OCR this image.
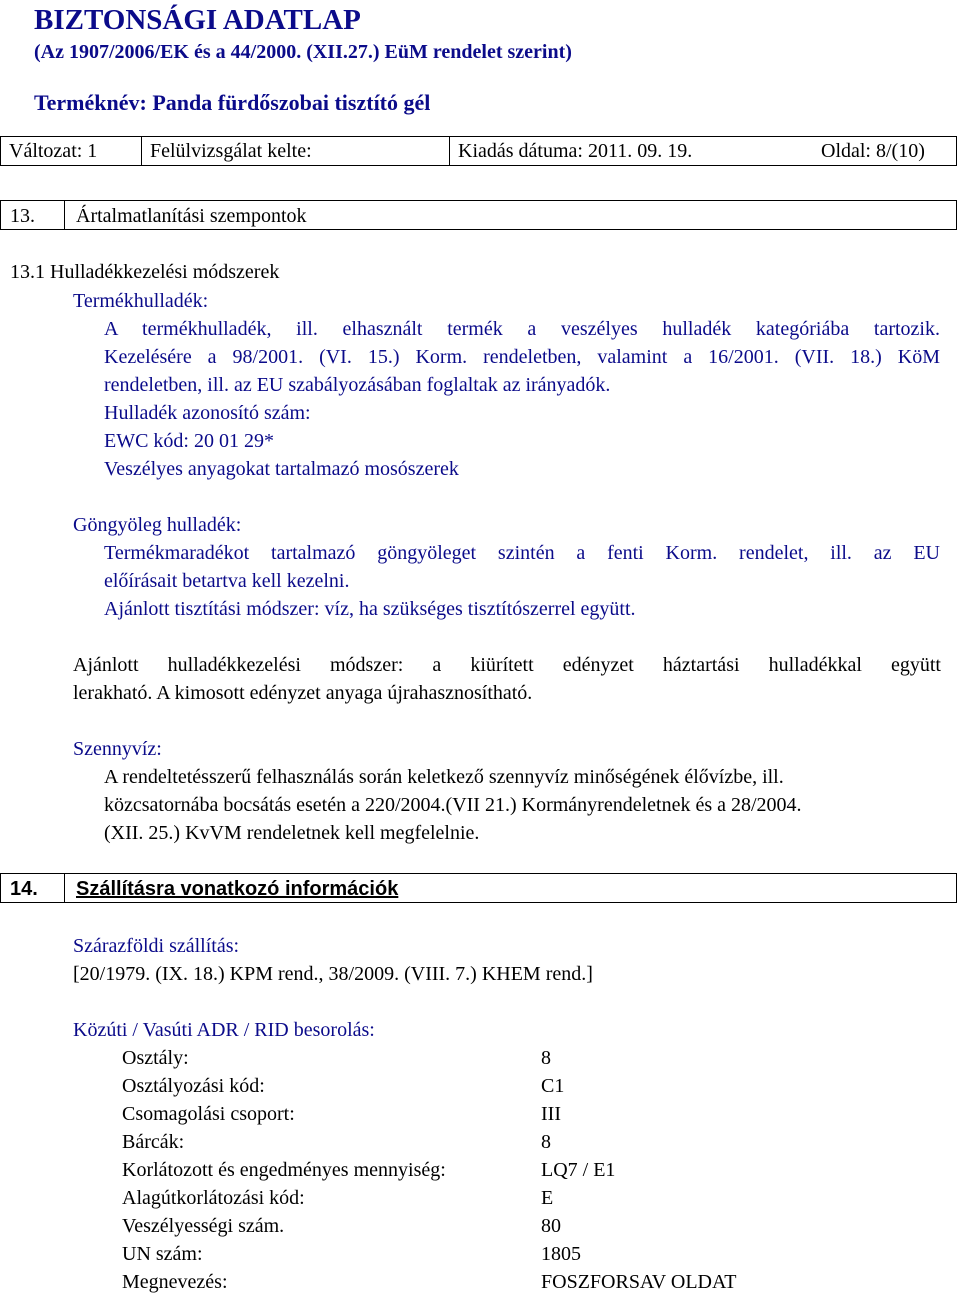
BIZTONSÁGI ADATLAP
(Az 1907/2006/EK és a 44/2000. (XII.27.) EüM rendelet szerint)
Terméknév: Panda fürdőszobai tisztító gél
Változat: 1	Felülvizsgálat kelte:	Kiadás dátuma: 2011. 09. 19.	Oldal: 8/(10)
13. Ártalmatlanítási szempontok
13.1 Hulladékkezelési módszerek
Termékhulladék:
A termékhulladék, ill. elhasznált termék a veszélyes hulladék kategóriába tartozik.
Kezelésére a 98/2001. (VI. 15.) Korm. rendeletben, valamint a 16/2001. (VII. 18.) KöM
rendeletben, ill. az EU szabályozásában foglaltak az irányadók.
Hulladék azonosító szám:
EWC kód: 20 01 29*
Veszélyes anyagokat tartalmazó mosószerek
Göngyöleg hulladék:
Termékmaradékot tartalmazó göngyöleget szintén a fenti Korm. rendelet, ill. az EU
előírásait betartva kell kezelni.
Ajánlott tisztítási módszer: víz, ha szükséges tisztítószerrel együtt.
Ajánlott hulladékkezelési módszer: a kiürített edényzet háztartási hulladékkal együtt
lerakható. A kimosott edényzet anyaga újrahasznosítható.
Szennyvíz:
A rendeltetésszerű felhasználás során keletkező szennyvíz minőségének élővízbe, ill.
közcsatornába bocsátás esetén a 220/2004.(VII 21.) Kormányrendeletnek és a 28/2004.
(XII. 25.) KvVM rendeletnek kell megfelelnie.
14. Szállításra vonatkozó információk
Szárazföldi szállítás:
[20/1979. (IX. 18.) KPM rend., 38/2009. (VIII. 7.) KHEM rend.]
Közúti / Vasúti ADR / RID besorolás:
Osztály:	8
Osztályozási kód:	C1
Csomagolási csoport:	III
Bárcák:	8
Korlátozott és engedményes mennyiség:	LQ7 / E1
Alagútkorlátozási kód:	E
Veszélyességi szám.	80
UN szám:	1805
Megnevezés:	FOSZFORSAV OLDAT
